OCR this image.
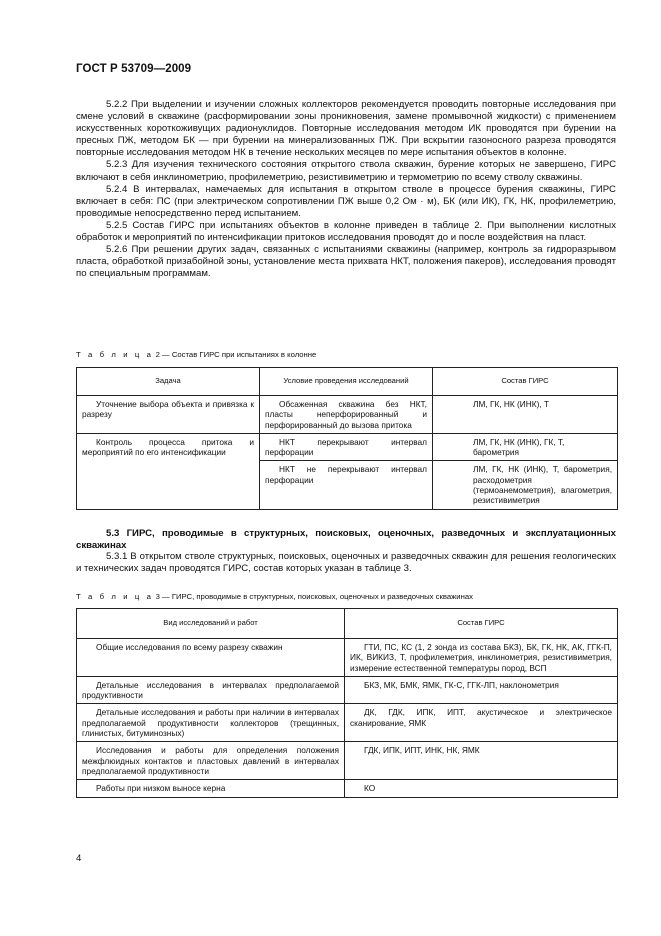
ГОСТ Р 53709—2009

5.2.2 При выделении и изучении сложных коллекторов рекомендуется проводить повторные исследования при смене условий в скважине (расформировании зоны проникновения, замене промывочной жидкости) с применением искусственных короткоживущих радионуклидов. Повторные исследования методом ИК проводятся при бурении на пресных ПЖ, методом БК — при бурении на минерализованных ПЖ. При вскрытии газоносного разреза проводятся повторные исследования методом НК в течение нескольких месяцев по мере испытания объектов в колонне.

5.2.3 Для изучения технического состояния открытого ствола скважин, бурение которых не завершено, ГИРС включают в себя инклинометрию, профилеметрию, резистивиметрию и термометрию по всему стволу скважины.

5.2.4 В интервалах, намечаемых для испытания в открытом стволе в процессе бурения скважины, ГИРС включает в себя: ПС (при электрическом сопротивлении ПЖ выше 0,2 Ом · м), БК (или ИК), ГК, НК, профилеметрию, проводимые непосредственно перед испытанием.

5.2.5 Состав ГИРС при испытаниях объектов в колонне приведен в таблице 2. При выполнении кислотных обработок и мероприятий по интенсификации притоков исследования проводят до и после воздействия на пласт.

5.2.6 При решении других задач, связанных с испытаниями скважины (например, контроль за гидроразрывом пласта, обработкой призабойной зоны, установление места прихвата НКТ, положения пакеров), исследования проводят по специальным программам.

Т а б л и ц а 2 — Состав ГИРС при испытаниях в колонне
Задача	Условие проведения исследований	Состав ГИРС
Уточнение выбора объекта и привязка к разрезу	Обсаженная скважина без НКТ, пласты неперфорированный и перфорированный до вызова притока	ЛМ, ГК, НК (ИНК), Т
Контроль процесса притока и мероприятий по его интенсификации	НКТ перекрывают интервал перфорации	ЛМ, ГК, НК (ИНК), ГК, Т, барометрия
	НКТ не перекрывают интервал перфорации	ЛМ, ГК, НК (ИНК), Т, барометрия, расходометрия (термоанемометрия), влагометрия, резистивиметрия
5.3 ГИРС, проводимые в структурных, поисковых, оценочных, разведочных и эксплуатационных скважинах

5.3.1 В открытом стволе структурных, поисковых, оценочных и разведочных скважин для решения геологических и технических задач проводятся ГИРС, состав которых указан в таблице 3.

Т а б л и ц а 3 — ГИРС, проводимые в структурных, поисковых, оценочных и разведочных скважинах
Вид исследований и работ	Состав ГИРС
Общие исследования по всему разрезу скважин	ГТИ, ПС, КС (1, 2 зонда из состава БКЗ), БК, ГК, НК, АК, ГГК-П, ИК, ВИКИЗ, Т, профилеметрия, инклинометрия, резистивиметрия, измерение естественной температуры пород, ВСП
Детальные исследования в интервалах предполагаемой продуктивности	БКЗ, МК, БМК, ЯМК, ГК-С, ГГК-ЛП, наклонометрия
Детальные исследования и работы при наличии в интервалах предполагаемой продуктивности коллекторов (трещинных, глинистых, битуминозных)	ДК, ГДК, ИПК, ИПТ, акустическое и электрическое сканирование, ЯМК
Исследования и работы для определения положения межфлюидных контактов и пластовых давлений в интервалах предполагаемой продуктивности	ГДК, ИПК, ИПТ, ИНК, НК, ЯМК
Работы при низком выносе керна	КО
4
